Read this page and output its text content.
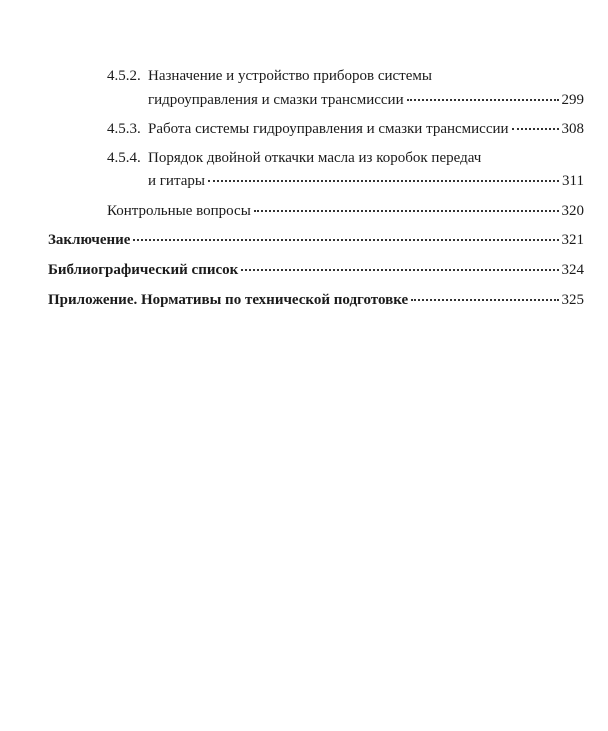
4.5.2. Назначение и устройство приборов системы
гидроуправления и смазки трансмиссии	299
4.5.3. Работа системы гидроуправления и смазки трансмиссии	308
4.5.4. Порядок двойной откачки масла из коробок передач
и гитары	311
Контрольные вопросы	320
Заключение	321
Библиографический список	324
Приложение. Нормативы по технической подготовке	325
